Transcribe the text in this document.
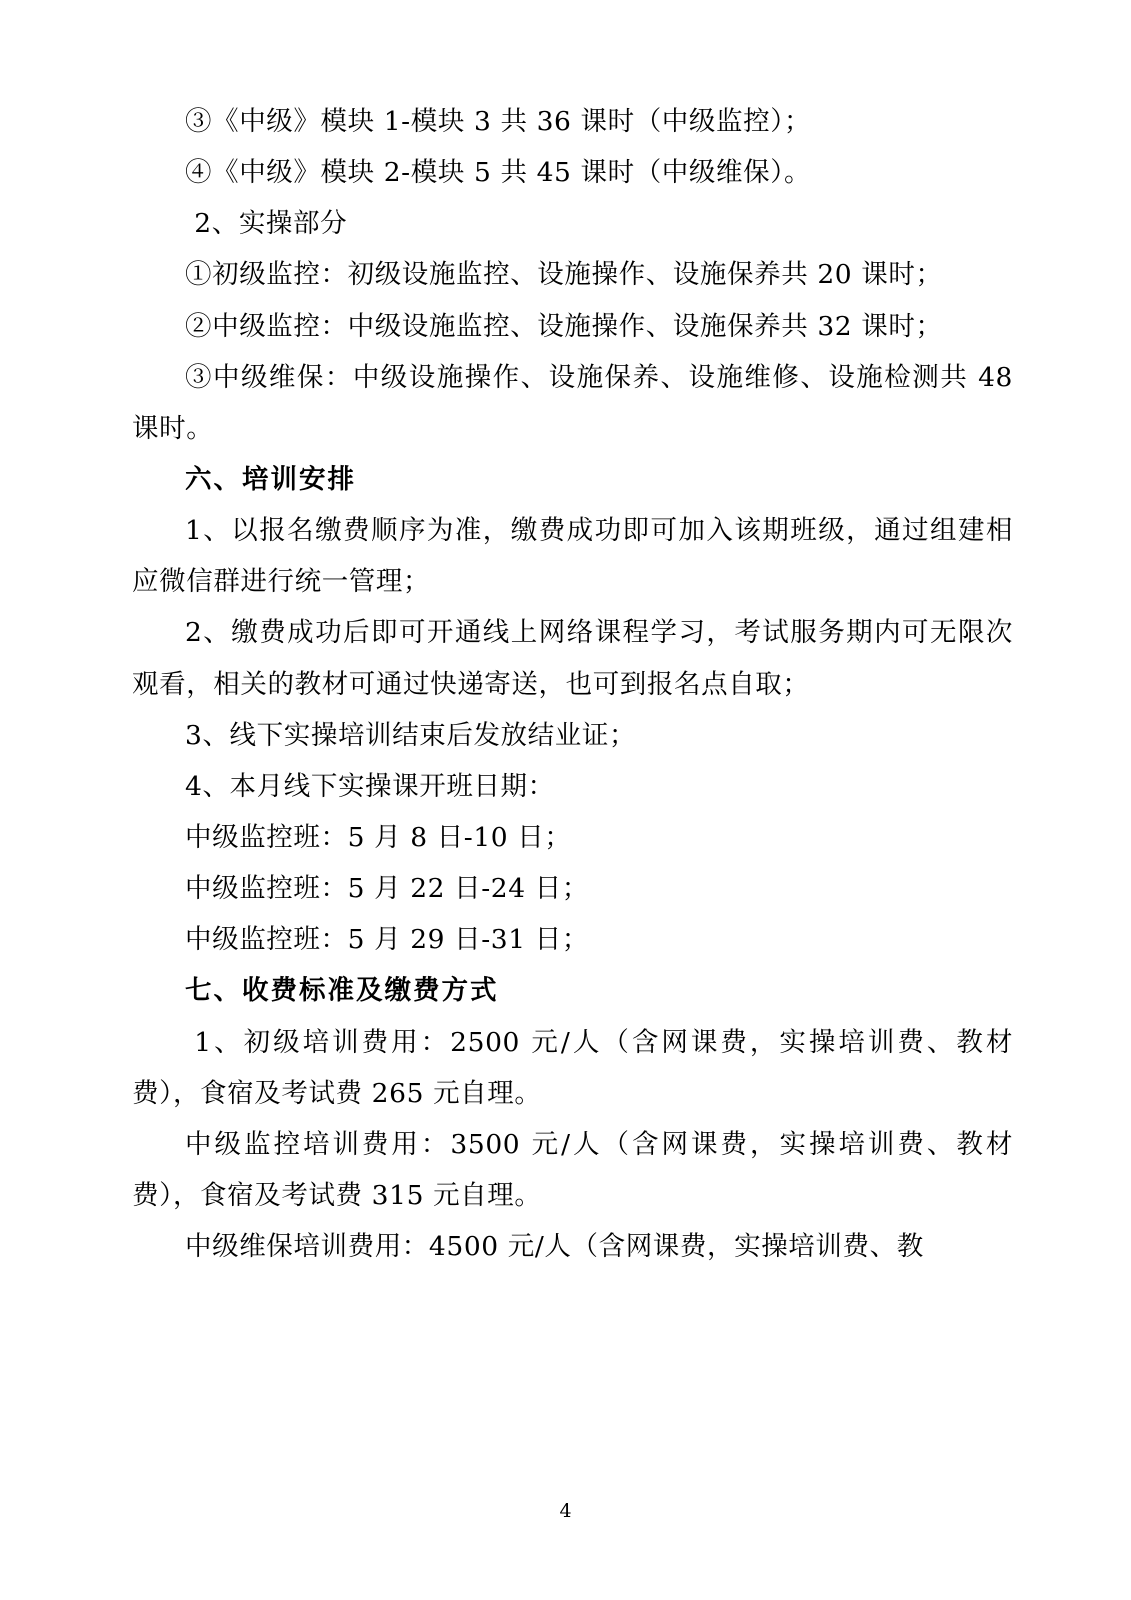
③《中级》模块 1-模块 3 共 36 课时（中级监控）；

④《中级》模块 2-模块 5 共 45 课时（中级维保）。

2、实操部分

①初级监控：初级设施监控、设施操作、设施保养共 20 课时；

②中级监控：中级设施监控、设施操作、设施保养共 32 课时；

③中级维保：中级设施操作、设施保养、设施维修、设施检测共 48 课时。

六、培训安排

1、以报名缴费顺序为准，缴费成功即可加入该期班级，通过组建相应微信群进行统一管理；

2、缴费成功后即可开通线上网络课程学习，考试服务期内可无限次观看，相关的教材可通过快递寄送，也可到报名点自取；

3、线下实操培训结束后发放结业证；

4、本月线下实操课开班日期：

中级监控班：5 月 8 日-10 日；

中级监控班：5 月 22 日-24 日；

中级监控班：5 月 29 日-31 日；

七、收费标准及缴费方式

1、初级培训费用：2500 元/人（含网课费，实操培训费、教材费），食宿及考试费 265 元自理。

中级监控培训费用：3500 元/人（含网课费，实操培训费、教材费），食宿及考试费 315 元自理。

中级维保培训费用：4500 元/人（含网课费，实操培训费、教

4
